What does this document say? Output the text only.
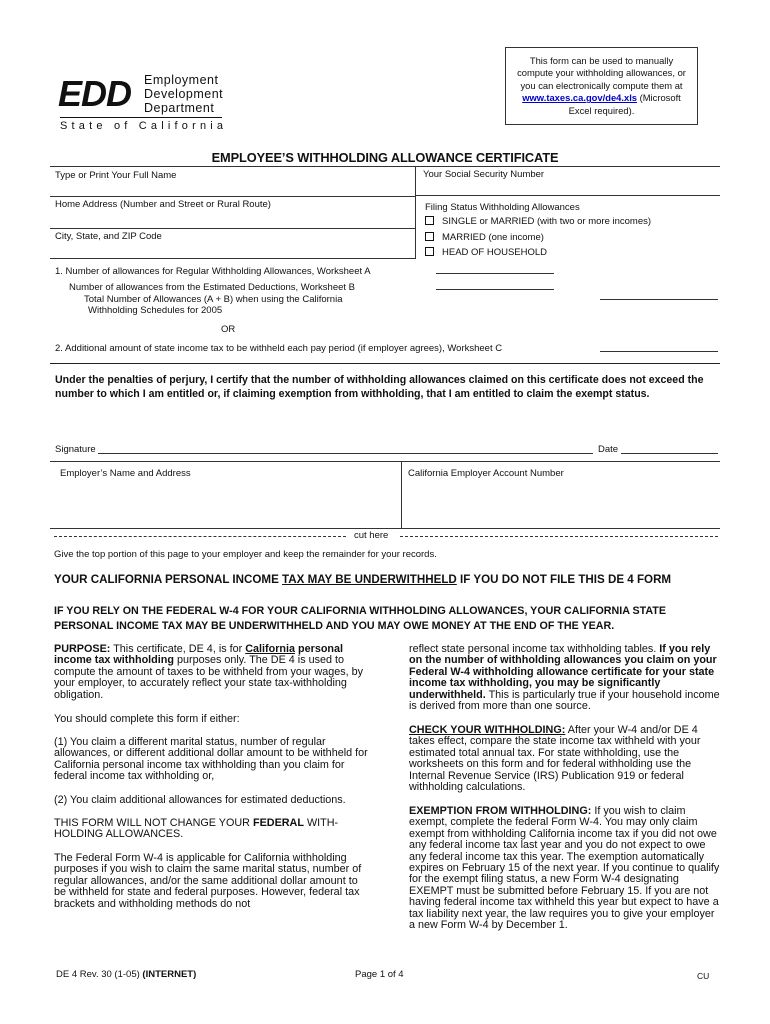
EDD Employment
Development
Department
State of California
This form can be used to manually compute your withholding allowances, or you can electronically compute them at www.taxes.ca.gov/de4.xls (Microsoft Excel required).
EMPLOYEE’S WITHHOLDING ALLOWANCE CERTIFICATE
Type or Print Your Full Name	Your Social Security Number
Home Address (Number and Street or Rural Route)
City, State, and ZIP Code
Filing Status Withholding Allowances
SINGLE or MARRIED (with two or more incomes)
MARRIED (one income)
HEAD OF HOUSEHOLD
1. Number of allowances for Regular Withholding Allowances, Worksheet A
Number of allowances from the Estimated Deductions, Worksheet B
Total Number of Allowances (A + B) when using the California
Withholding Schedules for 2005
OR
2. Additional amount of state income tax to be withheld each pay period (if employer agrees), Worksheet C
Under the penalties of perjury, I certify that the number of withholding allowances claimed on this certificate does not exceed the number to which I am entitled or, if claiming exemption from withholding, that I am entitled to claim the exempt status.
Signature	Date
Employer’s Name and Address	California Employer Account Number
cut here
Give the top portion of this page to your employer and keep the remainder for your records.
YOUR CALIFORNIA PERSONAL INCOME TAX MAY BE UNDERWITHHELD IF YOU DO NOT FILE THIS DE 4 FORM
IF YOU RELY ON THE FEDERAL W-4 FOR YOUR CALIFORNIA WITHHOLDING ALLOWANCES, YOUR CALIFORNIA STATE PERSONAL INCOME TAX MAY BE UNDERWITHHELD AND YOU MAY OWE MONEY AT THE END OF THE YEAR.
PURPOSE: This certificate, DE 4, is for California personal income tax withholding purposes only. The DE 4 is used to compute the amount of taxes to be withheld from your wages, by your employer, to accurately reflect your state tax-withholding obligation.
You should complete this form if either:
(1) You claim a different marital status, number of regular allowances, or different additional dollar amount to be withheld for California personal income tax withholding than you claim for federal income tax withholding or,
(2) You claim additional allowances for estimated deductions.
THIS FORM WILL NOT CHANGE YOUR FEDERAL WITH-HOLDING ALLOWANCES.
The Federal Form W-4 is applicable for California withholding purposes if you wish to claim the same marital status, number of regular allowances, and/or the same additional dollar amount to be withheld for state and federal purposes. However, federal tax brackets and withholding methods do not
reflect state personal income tax withholding tables. If you rely on the number of withholding allowances you claim on your Federal W-4 withholding allowance certificate for your state income tax withholding, you may be significantly underwithheld. This is particularly true if your household income is derived from more than one source.
CHECK YOUR WITHHOLDING: After your W-4 and/or DE 4 takes effect, compare the state income tax withheld with your estimated total annual tax. For state withholding, use the worksheets on this form and for federal withholding use the Internal Revenue Service (IRS) Publication 919 or federal withholding calculations.
EXEMPTION FROM WITHHOLDING: If you wish to claim exempt, complete the federal Form W-4. You may only claim exempt from withholding California income tax if you did not owe any federal income tax last year and you do not expect to owe any federal income tax this year. The exemption automatically expires on February 15 of the next year. If you continue to qualify for the exempt filing status, a new Form W-4 designating EXEMPT must be submitted before February 15. If you are not having federal income tax withheld this year but expect to have a tax liability next year, the law requires you to give your employer a new Form W-4 by December 1.
DE 4 Rev. 30 (1-05) (INTERNET)	Page 1 of 4	CU
